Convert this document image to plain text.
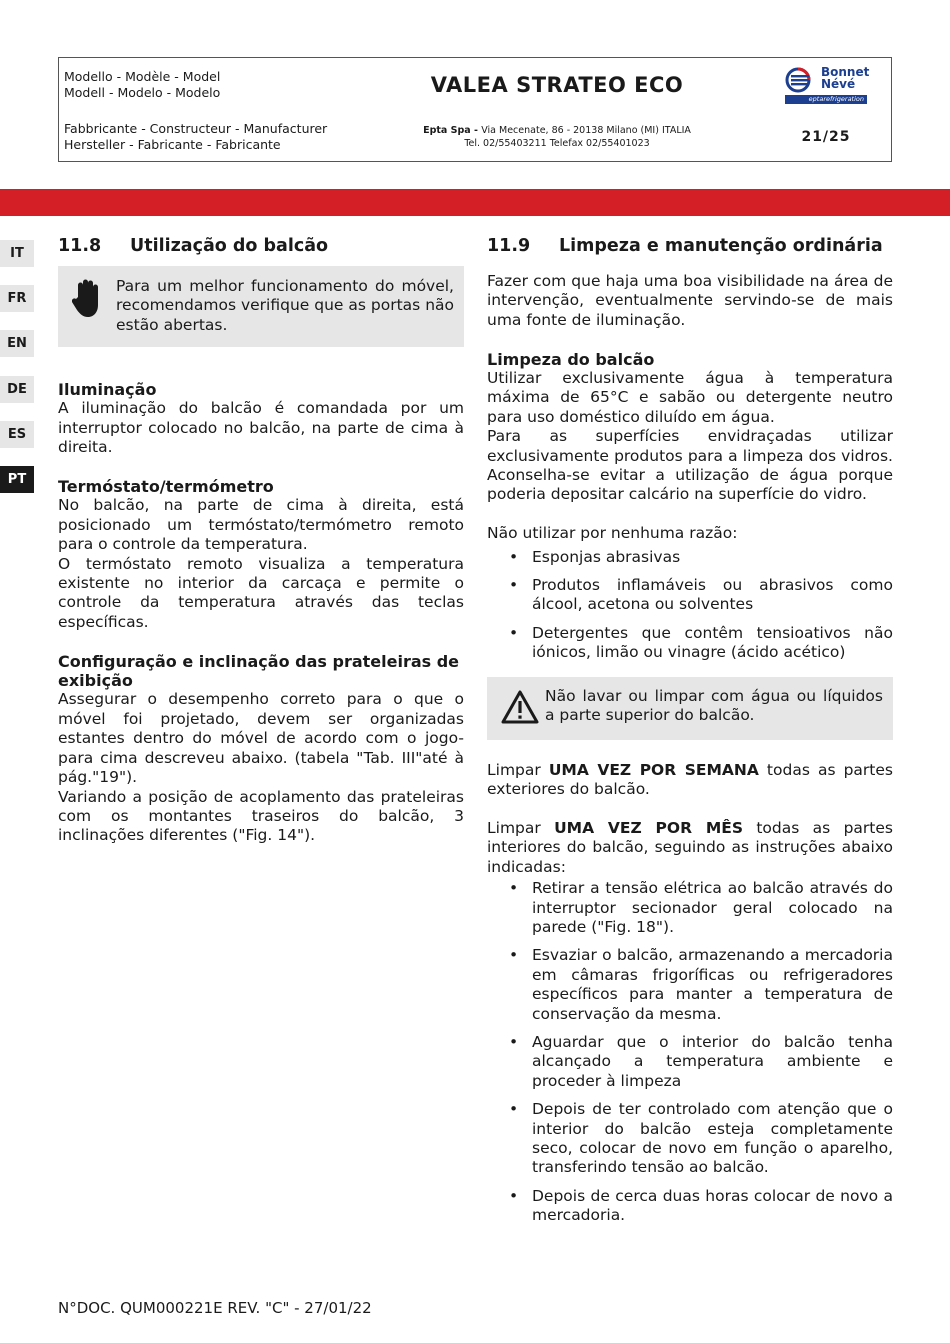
Modello - Modèle - Model
Modell - Modelo - Modelo	VALEA STRATEO ECO
Bonnet
Névé
eptarefrigeration
Fabbricante - Constructeur - Manufacturer
Hersteller - Fabricante - Fabricante
Epta Spa - Via Mecenate, 86 - 20138 Milano (MI) ITALIA
Tel. 02/55403211 Telefax 02/55401023	21/25
IT
FR
EN
DE
ES
PT
11.8	Utilização do balcão
Para um melhor funcionamento do móvel, recomendamos verifique que as portas não estão abertas.
Iluminação
A iluminação do balcão é comandada por um interruptor colocado no balcão, na parte de cima à direita.
Termóstato/termómetro
No balcão, na parte de cima à direita, está posicionado um termóstato/termómetro remoto para o controle da temperatura.
O termóstato remoto visualiza a temperatura existente no interior da carcaça e permite o controle da temperatura através das teclas específicas.
Configuração e inclinação das prateleiras de exibição
Assegurar o desempenho correto para o que o móvel foi projetado, devem ser organizadas estantes dentro do móvel de acordo com o jogo-para cima descreveu abaixo. (tabela "Tab. III"até à pág."19").
Variando a posição de acoplamento das prateleiras com os montantes traseiros do balcão, 3 inclinações diferentes ("Fig. 14").
11.9	Limpeza e manutenção ordinária
Fazer com que haja uma boa visibilidade na área de intervenção, eventualmente servindo-se de mais uma fonte de iluminação.
Limpeza do balcão
Utilizar exclusivamente água à temperatura máxima de 65°C e sabão ou detergente neutro para uso doméstico diluído em água.
Para as superfícies envidraçadas utilizar exclusivamente produtos para a limpeza dos vidros. Aconselha-se evitar a utilização de água porque poderia depositar calcário na superfície do vidro.
Não utilizar por nenhuma razão:
• Esponjas abrasivas
• Produtos inflamáveis ou abrasivos como álcool, acetona ou solventes
• Detergentes que contêm tensioativos não iónicos, limão ou vinagre (ácido acético)
Não lavar ou limpar com água ou líquidos a parte superior do balcão.
Limpar UMA VEZ POR SEMANA todas as partes exteriores do balcão.
Limpar UMA VEZ POR MÊS todas as partes interiores do balcão, seguindo as instruções abaixo indicadas:
• Retirar a tensão elétrica ao balcão através do interruptor secionador geral colocado na parede ("Fig. 18").
• Esvaziar o balcão, armazenando a mercadoria em câmaras frigoríficas ou refrigeradores específicos para manter a temperatura de conservação da mesma.
• Aguardar que o interior do balcão tenha alcançado a temperatura ambiente e proceder à limpeza
• Depois de ter controlado com atenção que o interior do balcão esteja completamente seco, colocar de novo em função o aparelho, transferindo tensão ao balcão.
• Depois de cerca duas horas colocar de novo a mercadoria.
N°DOC. QUM000221E REV. "C" - 27/01/22
